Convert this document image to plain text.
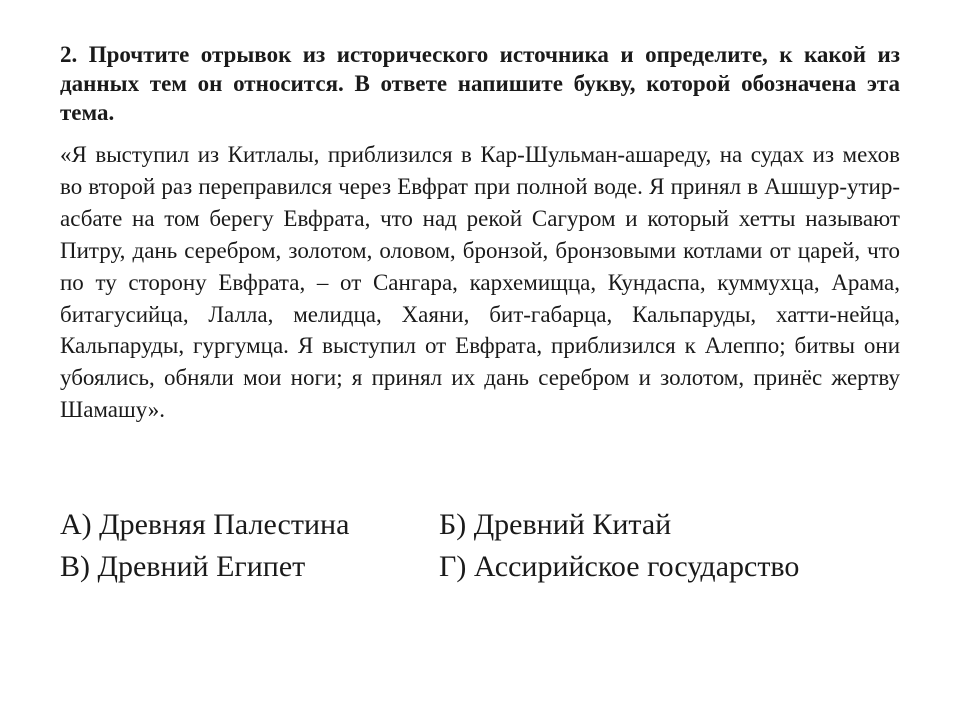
2. Прочтите отрывок из исторического источника и определите, к какой из данных тем он относится. В ответе напишите букву, которой обозначена эта тема.

«Я выступил из Китлалы, приблизился в Кар-Шульман-ашареду, на судах из мехов во второй раз переправился через Евфрат при полной воде. Я принял в Ашшур-утир-асбате на том берегу Евфрата, что над рекой Сагуром и который хетты называют Питру, дань серебром, золотом, оловом, бронзой, бронзовыми котлами от царей, что по ту сторону Евфрата, – от Сангара, кархемищца, Кундаспа, куммухца, Арама, битагусийца, Лалла, мелидца, Хаяни, бит-габарца, Кальпаруды, хатти-нейца, Кальпаруды, гургумца. Я выступил от Евфрата, приблизился к Алеппо; битвы они убоялись, обняли мои ноги; я принял их дань серебром и золотом, принёс жертву Шамашу».

А) Древняя Палестина	Б) Древний Китай
В) Древний Египет	Г) Ассирийское государство
